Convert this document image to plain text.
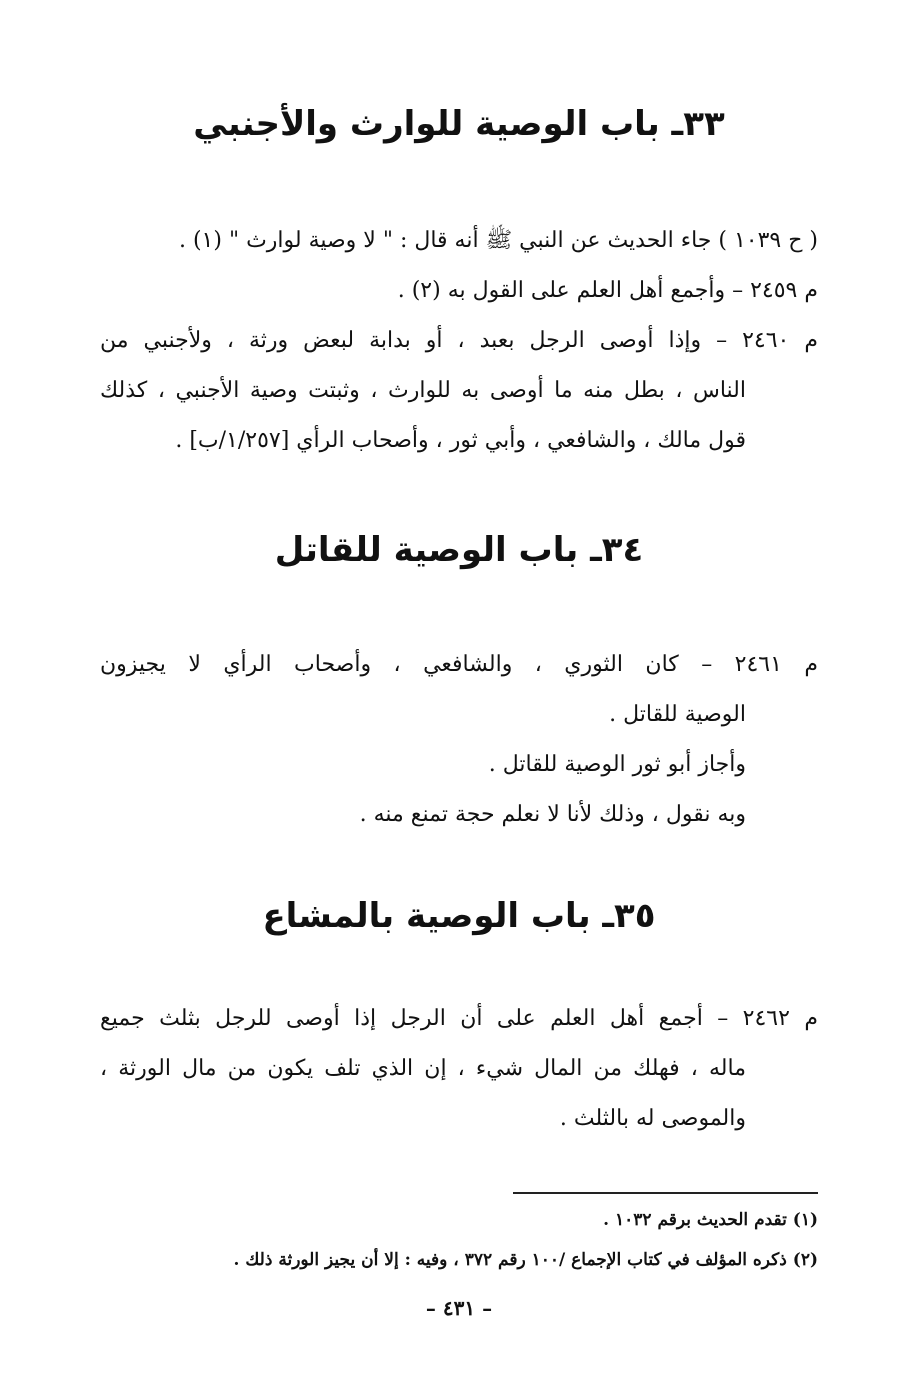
٣٣ـ باب الوصية للوارث والأجنبي
( ح ١٠٣٩ ) جاء الحديث عن النبي ﷺ أنه قال : " لا وصية لوارث " (١) .
م ٢٤٥٩ – وأجمع أهل العلم على القول به (٢) .
م ٢٤٦٠ – وإذا أوصى الرجل بعبد ، أو بدابة لبعض ورثة ، ولأجنبي من
الناس ، بطل منه ما أوصى به للوارث ، وثبتت وصية الأجنبي ، كذلك
قول مالك ، والشافعي ، وأبي ثور ، وأصحاب الرأي [١/٢٥٧/ب] .
٣٤ـ باب الوصية للقاتل
م ٢٤٦١ – كان الثوري ، والشافعي ، وأصحاب الرأي لا يجيزون
الوصية للقاتل .
وأجاز أبو ثور الوصية للقاتل .
وبه نقول ، وذلك لأنا لا نعلم حجة تمنع منه .
٣٥ـ باب الوصية بالمشاع
م ٢٤٦٢ – أجمع أهل العلم على أن الرجل إذا أوصى للرجل بثلث جميع
ماله ، فهلك من المال شيء ، إن الذي تلف يكون من مال الورثة ،
والموصى له بالثلث .
(١) تقدم الحديث برقم ١٠٣٢ .
(٢) ذكره المؤلف في كتاب الإجماع /١٠٠ رقم ٣٧٢ ، وفيه : إلا أن يجيز الورثة ذلك .
– ٤٣١ –
